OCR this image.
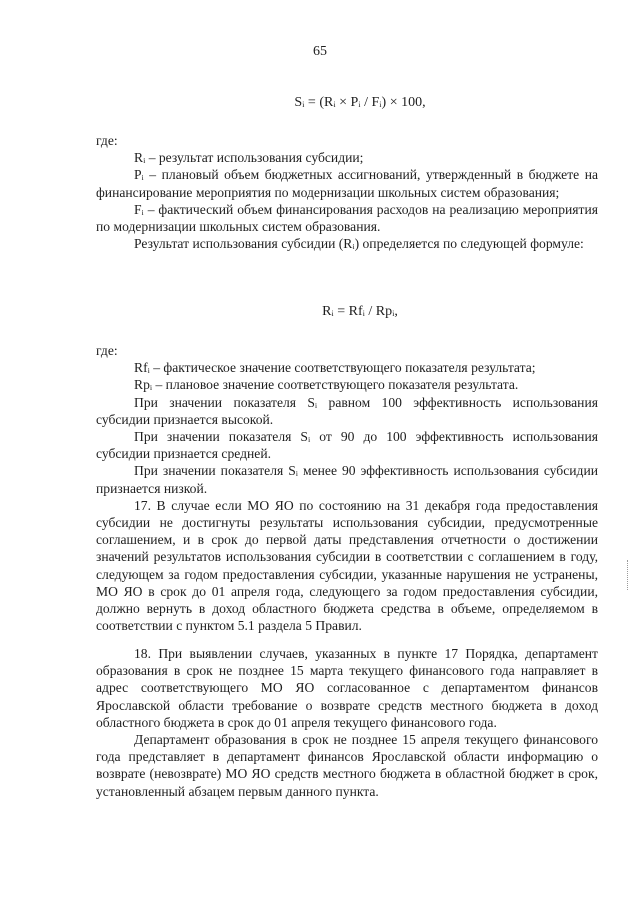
65
Sᵢ = (Rᵢ × Pᵢ / Fᵢ) × 100,

где:

Rᵢ – результат использования субсидии;

Pᵢ – плановый объем бюджетных ассигнований, утвержденный в бюджете на финансирование мероприятия по модернизации школьных систем образования;

Fᵢ – фактический объем финансирования расходов на реализацию мероприятия по модернизации школьных систем образования.

Результат использования субсидии (Rᵢ) определяется по следующей формуле:

Rᵢ = Rfᵢ / Rpᵢ,

где:

Rfᵢ – фактическое значение соответствующего показателя результата;

Rpᵢ – плановое значение соответствующего показателя результата.

При значении показателя Sᵢ равном 100 эффективность использования субсидии признается высокой.

При значении показателя Sᵢ от 90 до 100 эффективность использования субсидии признается средней.

При значении показателя Sᵢ менее 90 эффективность использования субсидии признается низкой.

17. В случае если МО ЯО по состоянию на 31 декабря года предоставления субсидии не достигнуты результаты использования субсидии, предусмотренные соглашением, и в срок до первой даты представления отчетности о достижении значений результатов использования субсидии в соответствии с соглашением в году, следующем за годом предоставления субсидии, указанные нарушения не устранены, МО ЯО в срок до 01 апреля года, следующего за годом предоставления субсидии, должно вернуть в доход областного бюджета средства в объеме, определяемом в соответствии с пунктом 5.1 раздела 5 Правил.

18. При выявлении случаев, указанных в пункте 17 Порядка, департамент образования в срок не позднее 15 марта текущего финансового года направляет в адрес соответствующего МО ЯО согласованное с департаментом финансов Ярославской области требование о возврате средств местного бюджета в доход областного бюджета в срок до 01 апреля текущего финансового года.

Департамент образования в срок не позднее 15 апреля текущего финансового года представляет в департамент финансов Ярославской области информацию о возврате (невозврате) МО ЯО средств местного бюджета в областной бюджет в срок, установленный абзацем первым данного пункта.
